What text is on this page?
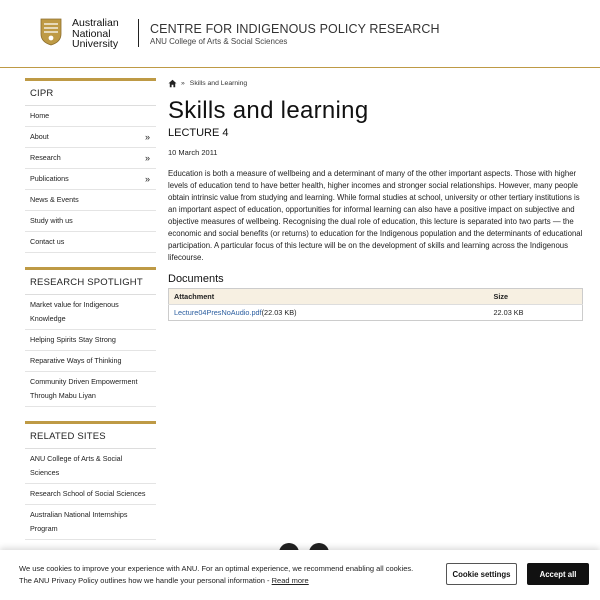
Australian
National
University
CENTRE FOR INDIGENOUS POLICY RESEARCH
ANU College of Arts & Social Sciences
CIPR
Home
About	»
Research	»
Publications	»
News & Events
Study with us
Contact us
RESEARCH SPOTLIGHT
Market value for Indigenous Knowledge
Helping Spirits Stay Strong
Reparative Ways of Thinking
Community Driven Empowerment Through Mabu Liyan
RELATED SITES
ANU College of Arts & Social Sciences
Research School of Social Sciences
Australian National Internships Program
» Skills and Learning
Skills and learning
LECTURE 4
10 March 2011

Education is both a measure of wellbeing and a determinant of many of the other important aspects. Those with higher levels of education tend to have better health, higher incomes and stronger social relationships. However, many people obtain intrinsic value from studying and learning. While formal studies at school, university or other tertiary institutions is an important aspect of education, opportunities for informal learning can also have a positive impact on subjective and objective measures of wellbeing. Recognising the dual role of education, this lecture is separated into two parts — the economic and social benefits (or returns) to education for the Indigenous population and the determinants of educational participation. A particular focus of this lecture will be on the development of skills and learning across the Indigenous lifecourse.

Documents
Attachment	Size
Lecture04PresNoAudio.pdf(22.03 KB)	22.03 KB
We use cookies to improve your experience with ANU. For an optimal experience, we recommend enabling all cookies. The ANU Privacy Policy outlines how we handle your personal information - Read more
Cookie settings	Accept all
